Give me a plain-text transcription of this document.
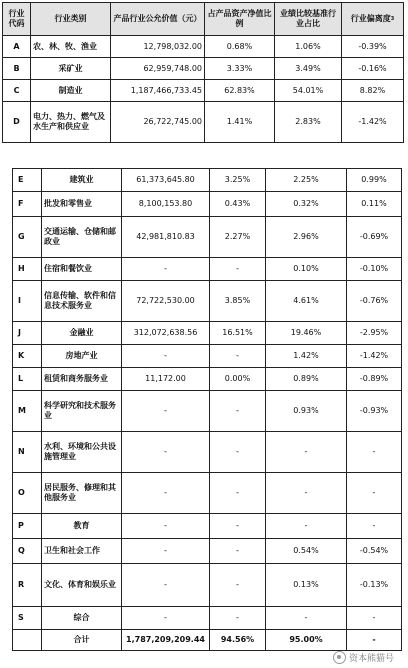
行业代码	行业类别	产品行业公允价值（元）	占产品资产净值比例	业绩比较基准行业占比	行业偏离度$^3$
A	农、林、牧、渔业	12,798,032.00	0.68%	1.06%	-0.39%
B	采矿业	62,959,748.00	3.33%	3.49%	-0.16%
C	制造业	1,187,466,733.45	62.83%	54.01%	8.82%
D	电力、热力、燃气及水生产和供应业	26,722,745.00	1.41%	2.83%	-1.42%
E	建筑业	61,373,645.80	3.25%	2.25%	0.99%
F	批发和零售业	8,100,153.80	0.43%	0.32%	0.11%
G	交通运输、仓储和邮政业	42,981,810.83	2.27%	2.96%	-0.69%
H	住宿和餐饮业	-	-	0.10%	-0.10%
I	信息传输、软件和信息技术服务业	72,722,530.00	3.85%	4.61%	-0.76%
J	金融业	312,072,638.56	16.51%	19.46%	-2.95%
K	房地产业	-	-	1.42%	-1.42%
L	租赁和商务服务业	11,172.00	0.00%	0.89%	-0.89%
M	科学研究和技术服务业	-	-	0.93%	-0.93%
N	水利、环境和公共设施管理业	-	-	-	-
O	居民服务、修理和其他服务业	-	-	-	-
P	教育	-	-	-	-
Q	卫生和社会工作	-	-	0.54%	-0.54%
R	文化、体育和娱乐业	-	-	0.13%	-0.13%
S	综合	-	-	-	-
	合计	1,787,209,209.44	94.56%	95.00%	-
资本熊猫号
